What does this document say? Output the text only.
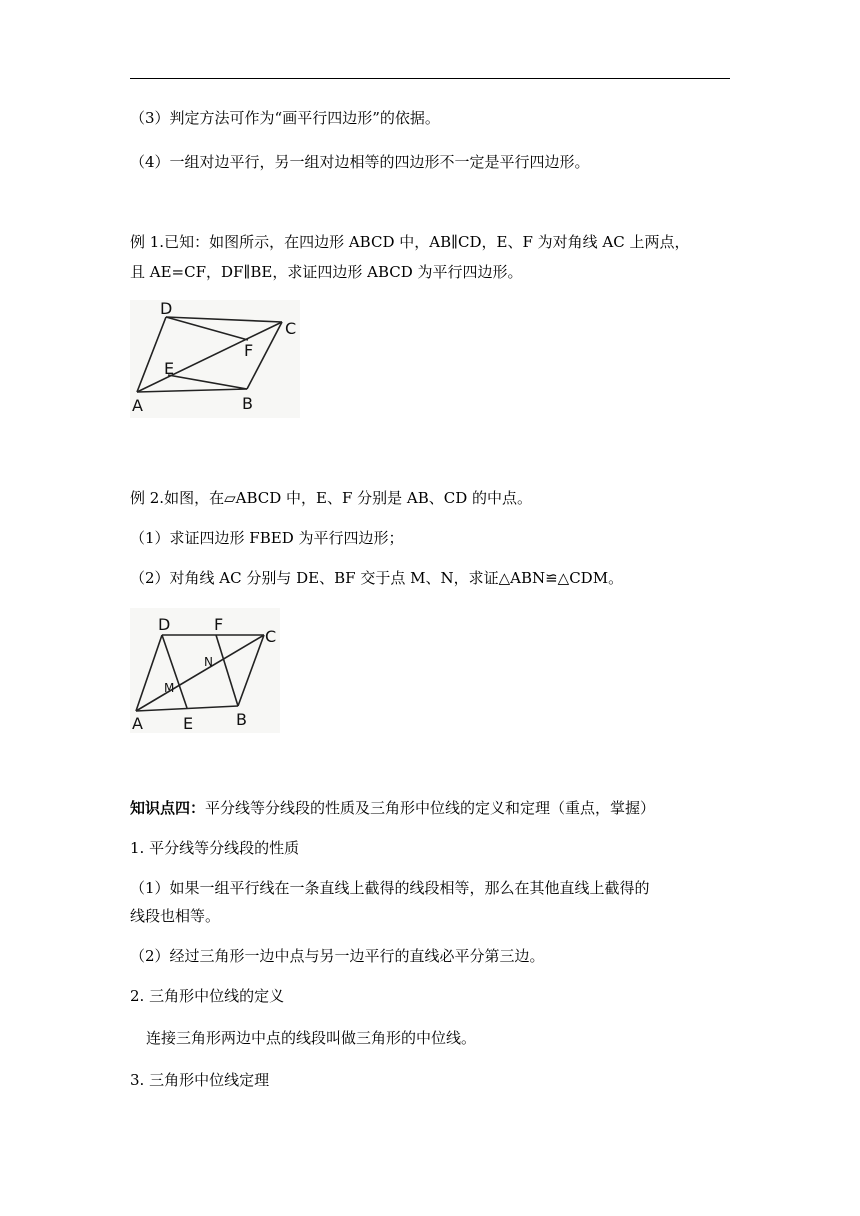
（3）判定方法可作为“画平行四边形”的依据。
（4）一组对边平行，另一组对边相等的四边形不一定是平行四边形。
例 1.已知：如图所示，在四边形 ABCD 中，AB∥CD，E、F 为对角线 AC 上两点，
且 AE=CF，DF∥BE，求证四边形 ABCD 为平行四边形。
D
C
F
E
A	B
例 2.如图，在▱ABCD 中，E、F 分别是 AB、CD 的中点。
（1）求证四边形 FBED 为平行四边形；
（2）对角线 AC 分别与 DE、BF 交于点 M、N，求证△ABN≌△CDM。
D	F
C
N
M
A	E	B
知识点四：平分线等分线段的性质及三角形中位线的定义和定理（重点，掌握）
1. 平分线等分线段的性质
（1）如果一组平行线在一条直线上截得的线段相等，那么在其他直线上截得的
线段也相等。
（2）经过三角形一边中点与另一边平行的直线必平分第三边。
2. 三角形中位线的定义
连接三角形两边中点的线段叫做三角形的中位线。
3. 三角形中位线定理
